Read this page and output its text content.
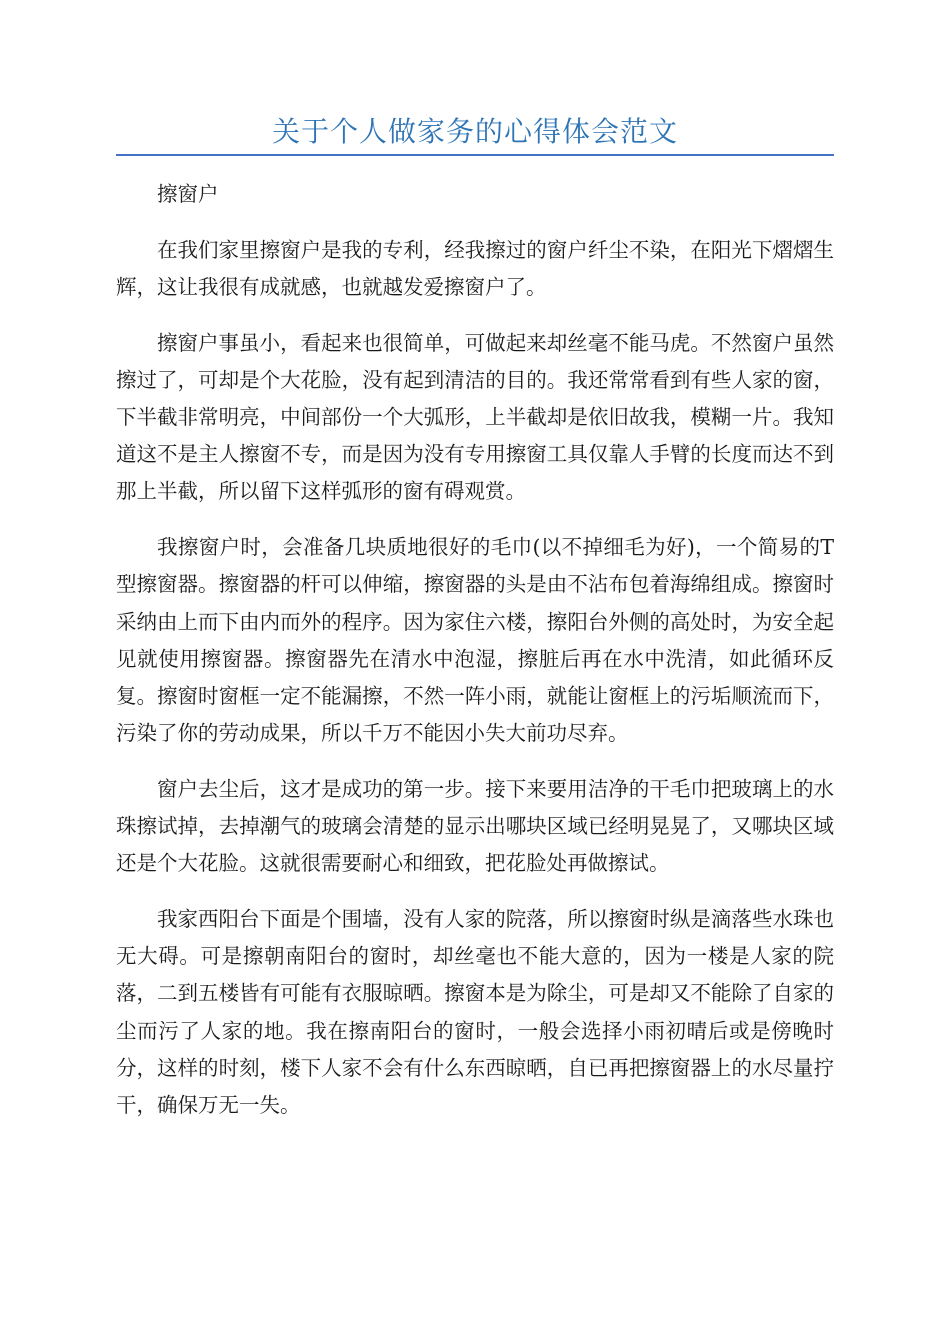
关于个人做家务的心得体会范文

擦窗户

在我们家里擦窗户是我的专利，经我擦过的窗户纤尘不染，在阳光下熠熠生辉，这让我很有成就感，也就越发爱擦窗户了。

擦窗户事虽小，看起来也很简单，可做起来却丝毫不能马虎。不然窗户虽然擦过了，可却是个大花脸，没有起到清洁的目的。我还常常看到有些人家的窗，下半截非常明亮，中间部份一个大弧形，上半截却是依旧故我，模糊一片。我知道这不是主人擦窗不专，而是因为没有专用擦窗工具仅靠人手臂的长度而达不到那上半截，所以留下这样弧形的窗有碍观赏。

我擦窗户时，会准备几块质地很好的毛巾(以不掉细毛为好)，一个简易的T型擦窗器。擦窗器的杆可以伸缩，擦窗器的头是由不沾布包着海绵组成。擦窗时采纳由上而下由内而外的程序。因为家住六楼，擦阳台外侧的高处时，为安全起见就使用擦窗器。擦窗器先在清水中泡湿，擦脏后再在水中洗清，如此循环反复。擦窗时窗框一定不能漏擦，不然一阵小雨，就能让窗框上的污垢顺流而下，污染了你的劳动成果，所以千万不能因小失大前功尽弃。

窗户去尘后，这才是成功的第一步。接下来要用洁净的干毛巾把玻璃上的水珠擦试掉，去掉潮气的玻璃会清楚的显示出哪块区域已经明晃晃了，又哪块区域还是个大花脸。这就很需要耐心和细致，把花脸处再做擦试。

我家西阳台下面是个围墙，没有人家的院落，所以擦窗时纵是滴落些水珠也无大碍。可是擦朝南阳台的窗时，却丝毫也不能大意的，因为一楼是人家的院落，二到五楼皆有可能有衣服晾晒。擦窗本是为除尘，可是却又不能除了自家的尘而污了人家的地。我在擦南阳台的窗时，一般会选择小雨初晴后或是傍晚时分，这样的时刻，楼下人家不会有什么东西晾晒，自已再把擦窗器上的水尽量拧干，确保万无一失。
